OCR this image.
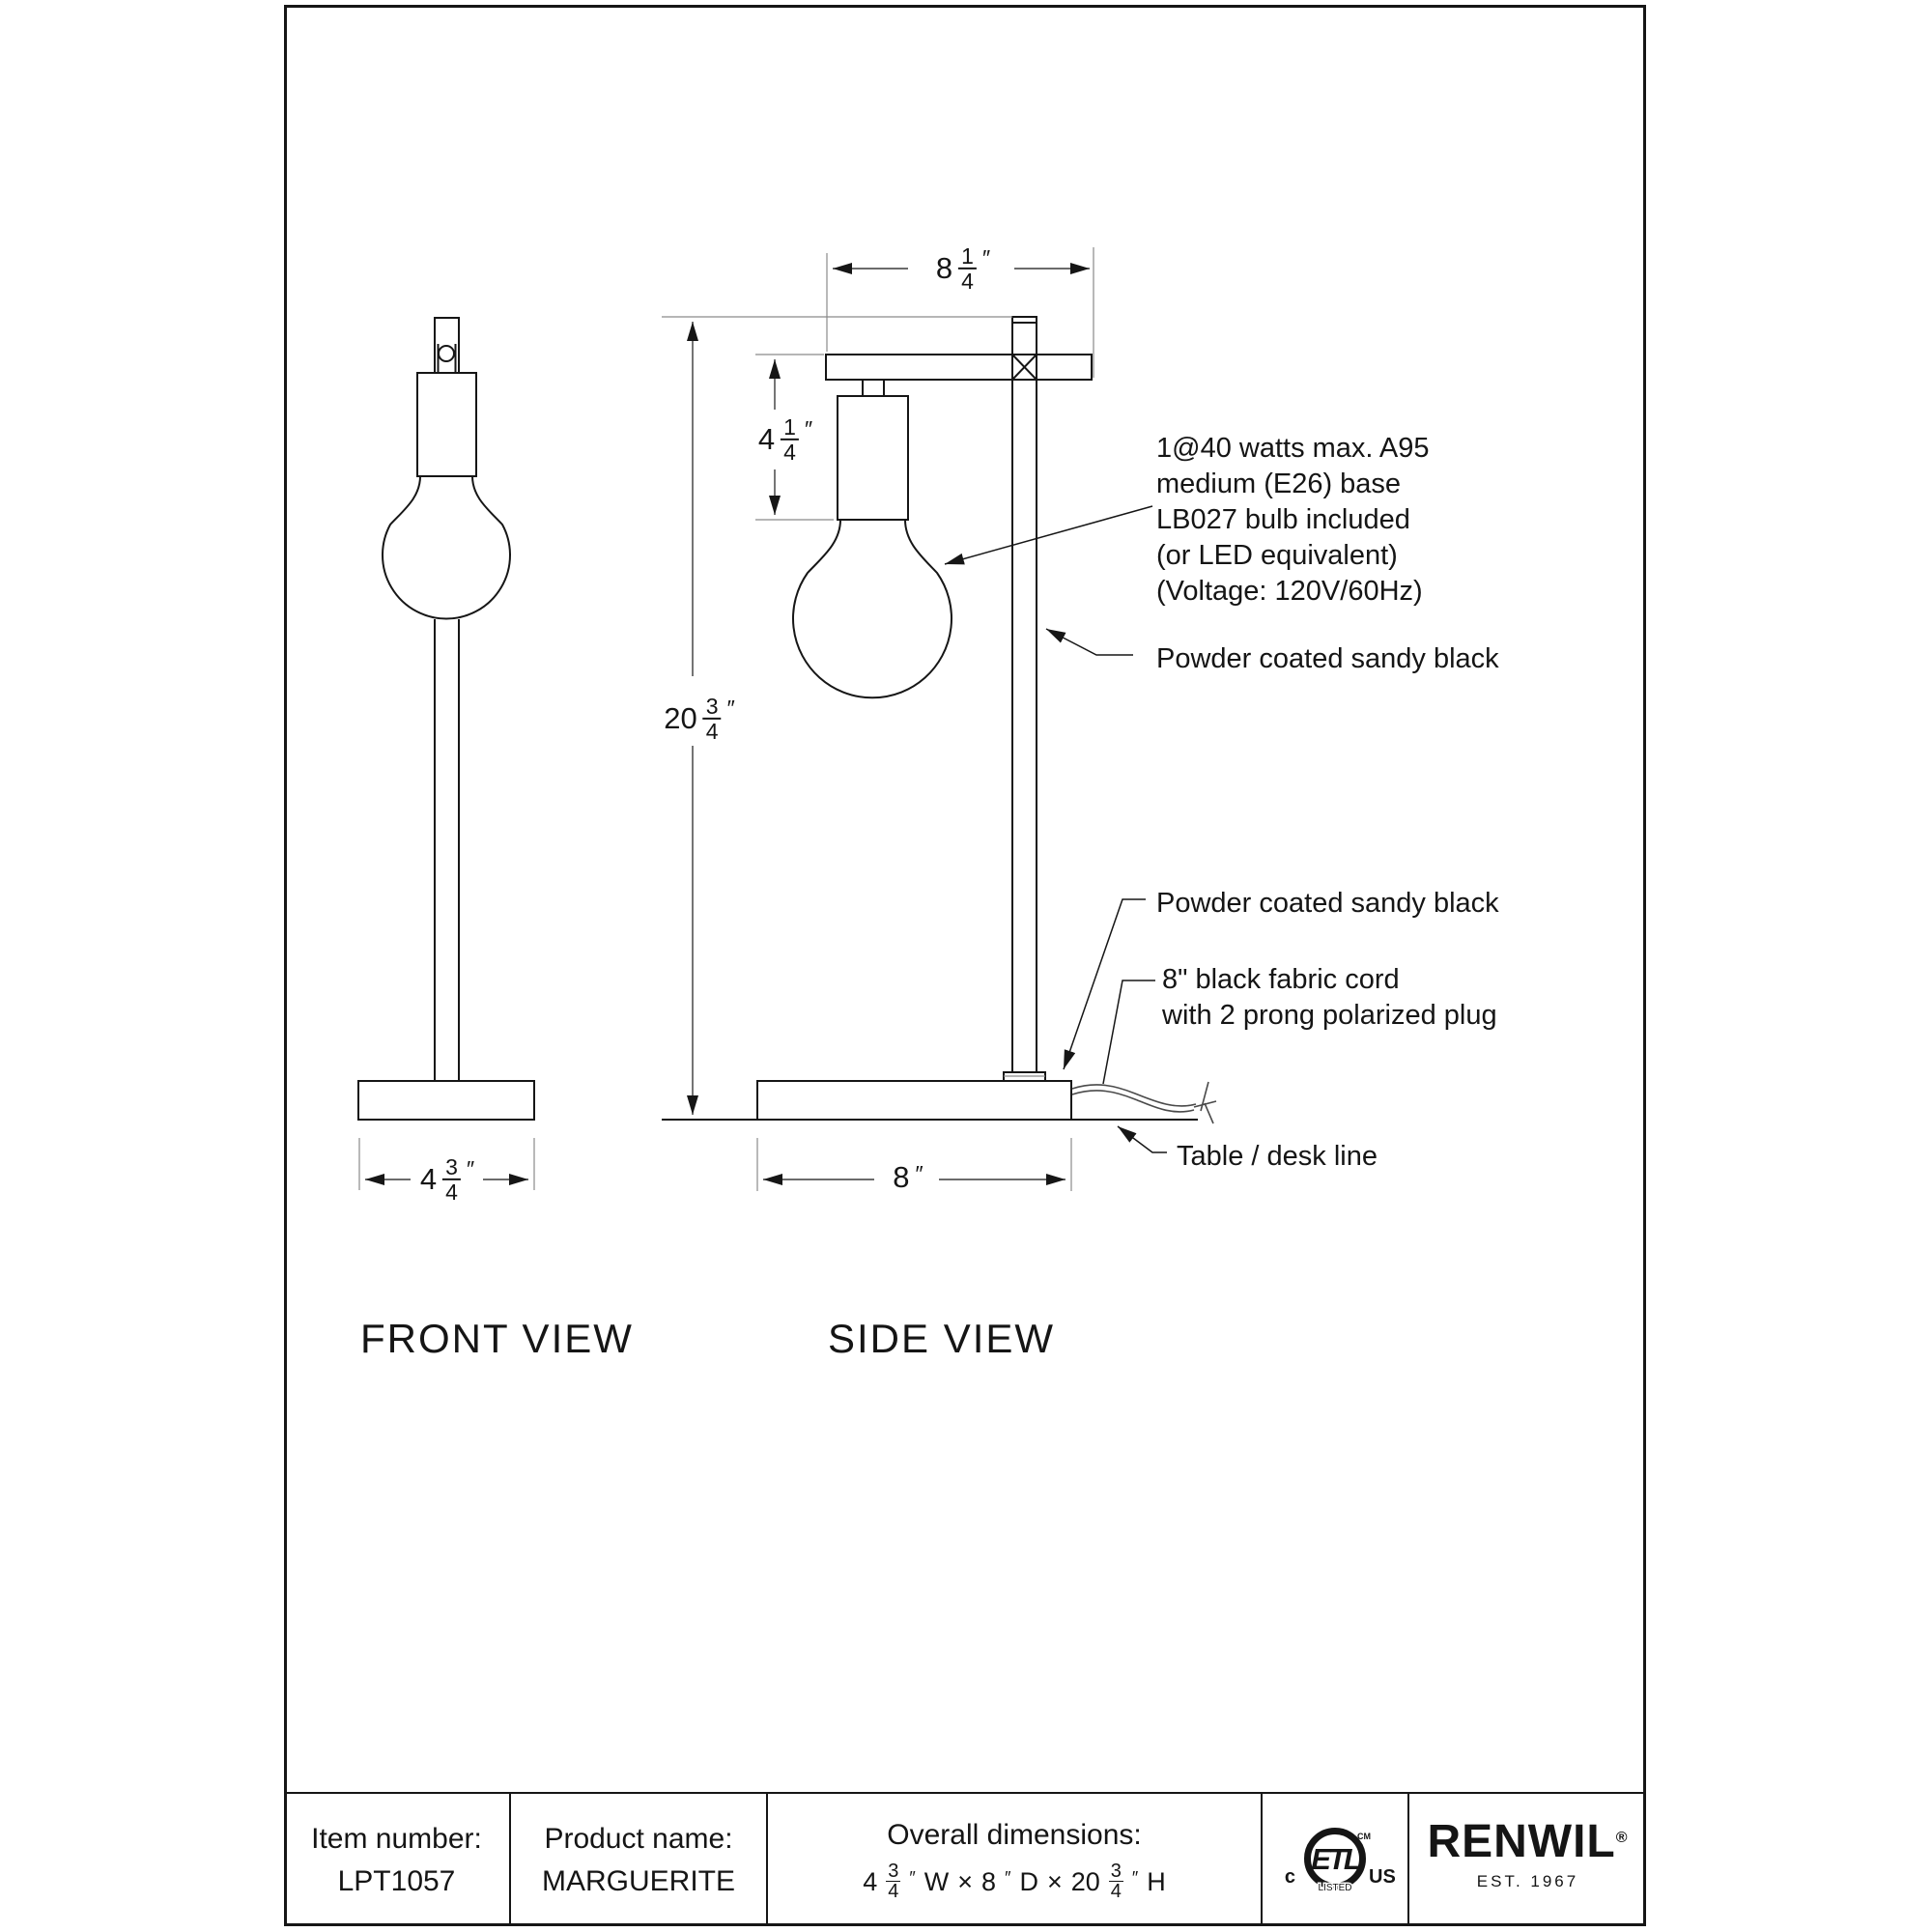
$8 \frac{1}{4}$ ″
$4 \frac{1}{4}$ ″
$20 \frac{3}{4}$ ″
$4 \frac{3}{4}$ ″	8 ″
1@40 watts max. A95
medium (E26) base
LB027 bulb included
(or LED equivalent)
(Voltage: 120V/60Hz)
Powder coated sandy black
Powder coated sandy black
8" black fabric cord
with 2 prong polarized plug
Table / desk line
FRONT VIEW	SIDE VIEW
Item number:
LPT1057
Product name:
MARGUERITE
Overall dimensions:
4 3
4
″ W × 8 ″ D × 20 3
4
″ H
ETL
CM
LISTED
c	US
RENWIL ®
EST. 1967
